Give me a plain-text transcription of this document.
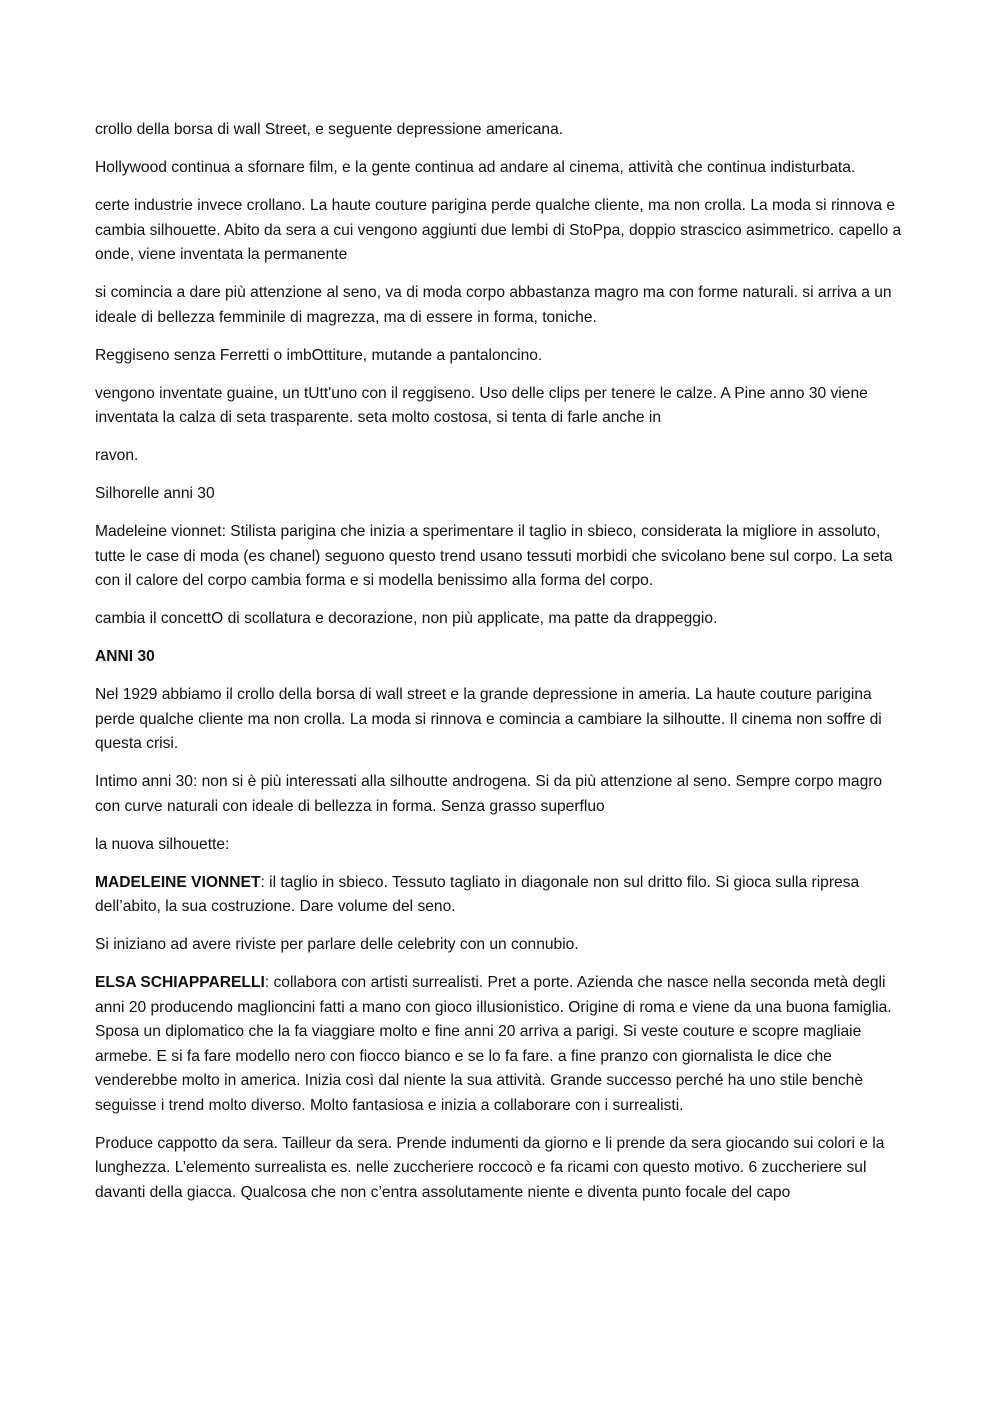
crollo della borsa di wall Street, e seguente depressione americana.

Hollywood continua a sfornare film, e la gente continua ad andare al cinema, attività che continua indisturbata.

certe industrie invece crollano. La haute couture parigina perde qualche cliente, ma non crolla. La moda si rinnova e cambia silhouette. Abito da sera a cui vengono aggiunti due lembi di StoPpa, doppio strascico asimmetrico. capello a onde, viene inventata la permanente

si comincia a dare più attenzione al seno, va di moda corpo abbastanza magro ma con forme naturali. si arriva a un ideale di bellezza femminile di magrezza, ma di essere in forma, toniche.

Reggiseno senza Ferretti o imbOttiture, mutande a pantaloncino.

vengono inventate guaine, un tUtt'uno con il reggiseno. Uso delle clips per tenere le calze. A Pine anno 30 viene inventata la calza di seta trasparente. seta molto costosa, si tenta di farle anche in

ravon.

Silhorelle anni 30

Madeleine vionnet: Stilista parigina che inizia a sperimentare il taglio in sbieco, considerata la migliore in assoluto, tutte le case di moda (es chanel) seguono questo trend usano tessuti morbidi che svicolano bene sul corpo. La seta con il calore del corpo cambia forma e si modella benissimo alla forma del corpo.

cambia il concettO di scollatura e decorazione, non più applicate, ma patte da drappeggio.

ANNI 30

Nel 1929 abbiamo il crollo della borsa di wall street e la grande depressione in ameria. La haute couture parigina perde qualche cliente ma non crolla. La moda si rinnova e comincia a cambiare la silhoutte. Il cinema non soffre di questa crisi.

Intimo anni 30: non si è più interessati alla silhoutte androgena. Si da più attenzione al seno. Sempre corpo magro con curve naturali con ideale di bellezza in forma. Senza grasso superfluo

la nuova silhouette:

MADELEINE VIONNET: il taglio in sbieco. Tessuto tagliato in diagonale non sul dritto filo. Si gioca sulla ripresa dell’abito, la sua costruzione. Dare volume del seno.

Si iniziano ad avere riviste per parlare delle celebrity con un connubio.

ELSA SCHIAPPARELLI: collabora con artisti surrealisti. Pret a porte. Azienda che nasce nella seconda metà degli anni 20 producendo maglioncini fatti a mano con gioco illusionistico. Origine di roma e viene da una buona famiglia. Sposa un diplomatico che la fa viaggiare molto e fine anni 20 arriva a parigi. Si veste couture e scopre magliaie armebe. E si fa fare modello nero con fiocco bianco e se lo fa fare. a fine pranzo con giornalista le dice che venderebbe molto in america. Inizia così dal niente la sua attività. Grande successo perché ha uno stile benchè seguisse i trend molto diverso. Molto fantasiosa e inizia a collaborare con i surrealisti.

Produce cappotto da sera. Tailleur da sera. Prende indumenti da giorno e li prende da sera giocando sui colori e la lunghezza. L’elemento surrealista es. nelle zuccheriere roccocò e fa ricami con questo motivo. 6 zuccheriere sul davanti della giacca. Qualcosa che non c’entra assolutamente niente e diventa punto focale del capo
